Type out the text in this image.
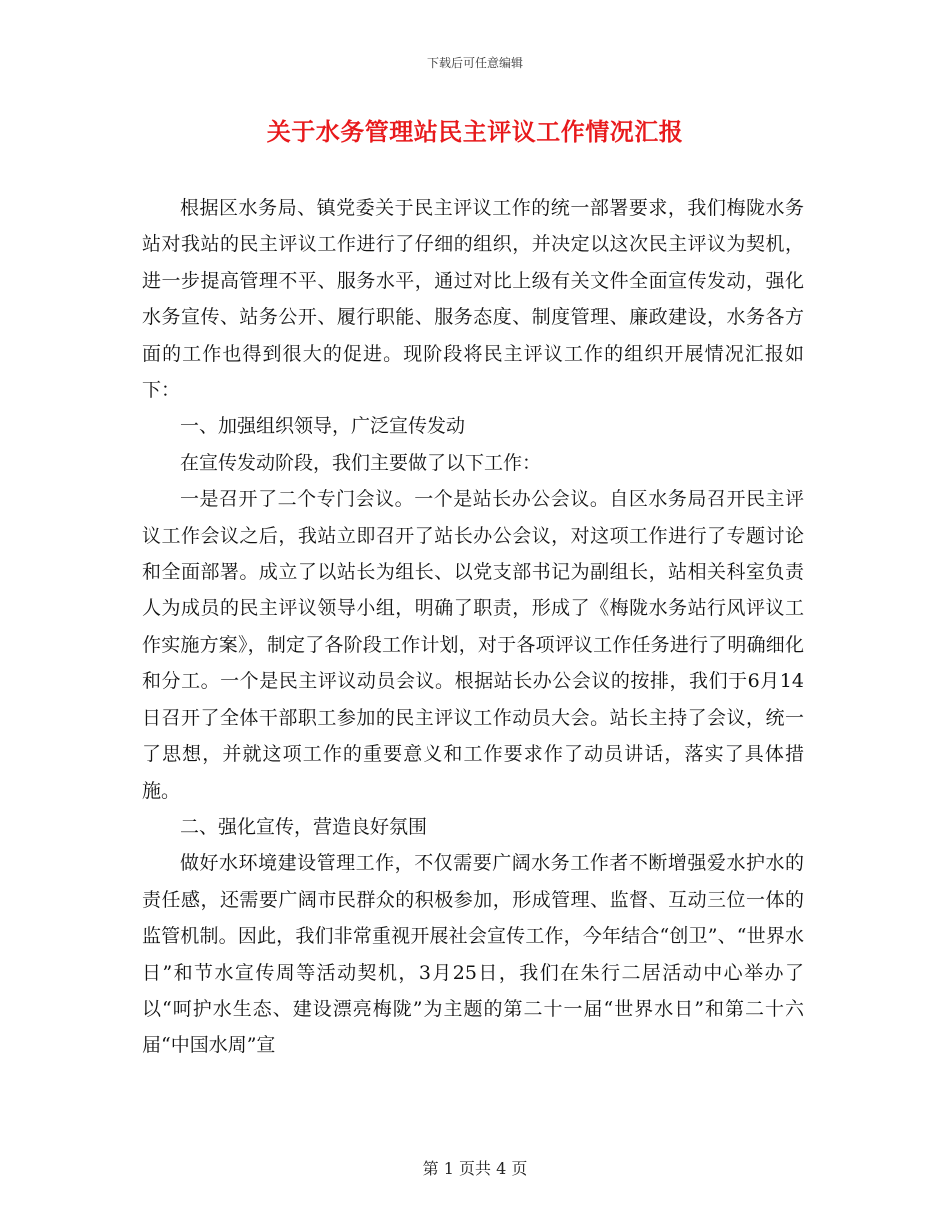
下载后可任意编辑
关于水务管理站民主评议工作情况汇报

根据区水务局、镇党委关于民主评议工作的统一部署要求，我们梅陇水务站对我站的民主评议工作进行了仔细的组织，并决定以这次民主评议为契机，进一步提高管理不平、服务水平，通过对比上级有关文件全面宣传发动，强化水务宣传、站务公开、履行职能、服务态度、制度管理、廉政建设，水务各方面的工作也得到很大的促进。现阶段将民主评议工作的组织开展情况汇报如下：

一、加强组织领导，广泛宣传发动

在宣传发动阶段，我们主要做了以下工作：

一是召开了二个专门会议。一个是站长办公会议。自区水务局召开民主评议工作会议之后，我站立即召开了站长办公会议，对这项工作进行了专题讨论和全面部署。成立了以站长为组长、以党支部书记为副组长，站相关科室负责人为成员的民主评议领导小组，明确了职责，形成了《梅陇水务站行风评议工作实施方案》，制定了各阶段工作计划，对于各项评议工作任务进行了明确细化和分工。一个是民主评议动员会议。根据站长办公会议的按排，我们于6月14日召开了全体干部职工参加的民主评议工作动员大会。站长主持了会议，统一了思想，并就这项工作的重要意义和工作要求作了动员讲话，落实了具体措施。

二、强化宣传，营造良好氛围

做好水环境建设管理工作，不仅需要广阔水务工作者不断增强爱水护水的责任感，还需要广阔市民群众的积极参加，形成管理、监督、互动三位一体的监管机制。因此，我们非常重视开展社会宣传工作，今年结合“创卫”、“世界水日”和节水宣传周等活动契机，3月25日，我们在朱行二居活动中心举办了以“呵护水生态、建设漂亮梅陇”为主题的第二十一届“世界水日”和第二十六届“中国水周”宣

第 1 页共 4 页
